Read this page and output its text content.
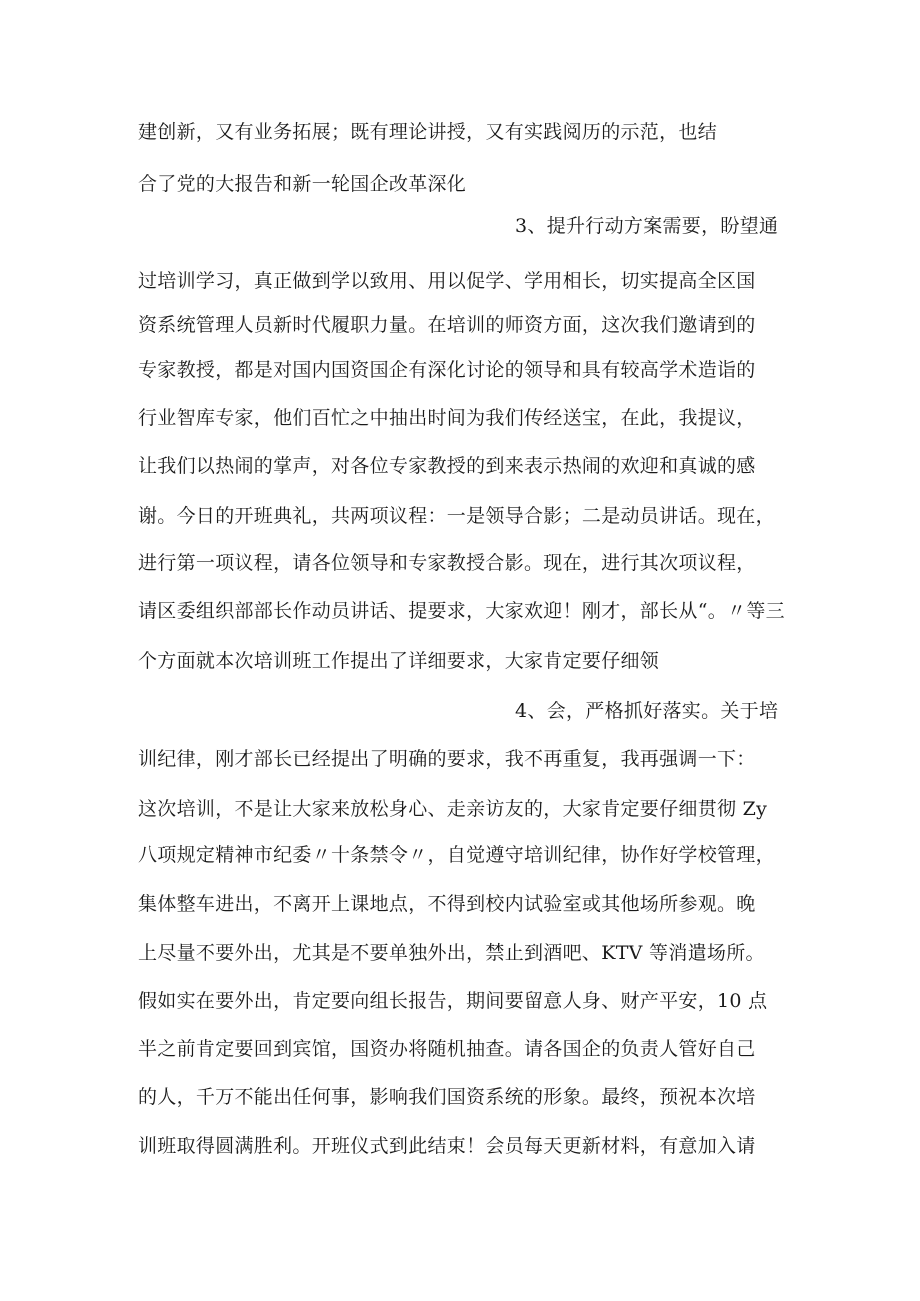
建创新，又有业务拓展；既有理论讲授，又有实践阅历的示范，也结
合了党的大报告和新一轮国企改革深化
3、提升行动方案需要，盼望通
过培训学习，真正做到学以致用、用以促学、学用相长，切实提高全区国
资系统管理人员新时代履职力量。在培训的师资方面，这次我们邀请到的
专家教授，都是对国内国资国企有深化讨论的领导和具有较高学术造诣的
行业智库专家，他们百忙之中抽出时间为我们传经送宝，在此，我提议，
让我们以热闹的掌声，对各位专家教授的到来表示热闹的欢迎和真诚的感
谢。今日的开班典礼，共两项议程：一是领导合影；二是动员讲话。现在，
进行第一项议程，请各位领导和专家教授合影。现在，进行其次项议程，
请区委组织部部长作动员讲话、提要求，大家欢迎！刚才，部长从“。〃等三
个方面就本次培训班工作提出了详细要求，大家肯定要仔细领
4、会，严格抓好落实。关于培
训纪律，刚才部长已经提出了明确的要求，我不再重复，我再强调一下：
这次培训，不是让大家来放松身心、走亲访友的，大家肯定要仔细贯彻 Zy
八项规定精神市纪委〃十条禁令〃，自觉遵守培训纪律，协作好学校管理，
集体整车进出，不离开上课地点，不得到校内试验室或其他场所参观。晚
上尽量不要外出，尤其是不要单独外出，禁止到酒吧、KTV 等消遣场所。
假如实在要外出，肯定要向组长报告，期间要留意人身、财产平安，10 点
半之前肯定要回到宾馆，国资办将随机抽查。请各国企的负责人管好自己
的人，千万不能出任何事，影响我们国资系统的形象。最终，预祝本次培
训班取得圆满胜利。开班仪式到此结束！会员每天更新材料，有意加入请
